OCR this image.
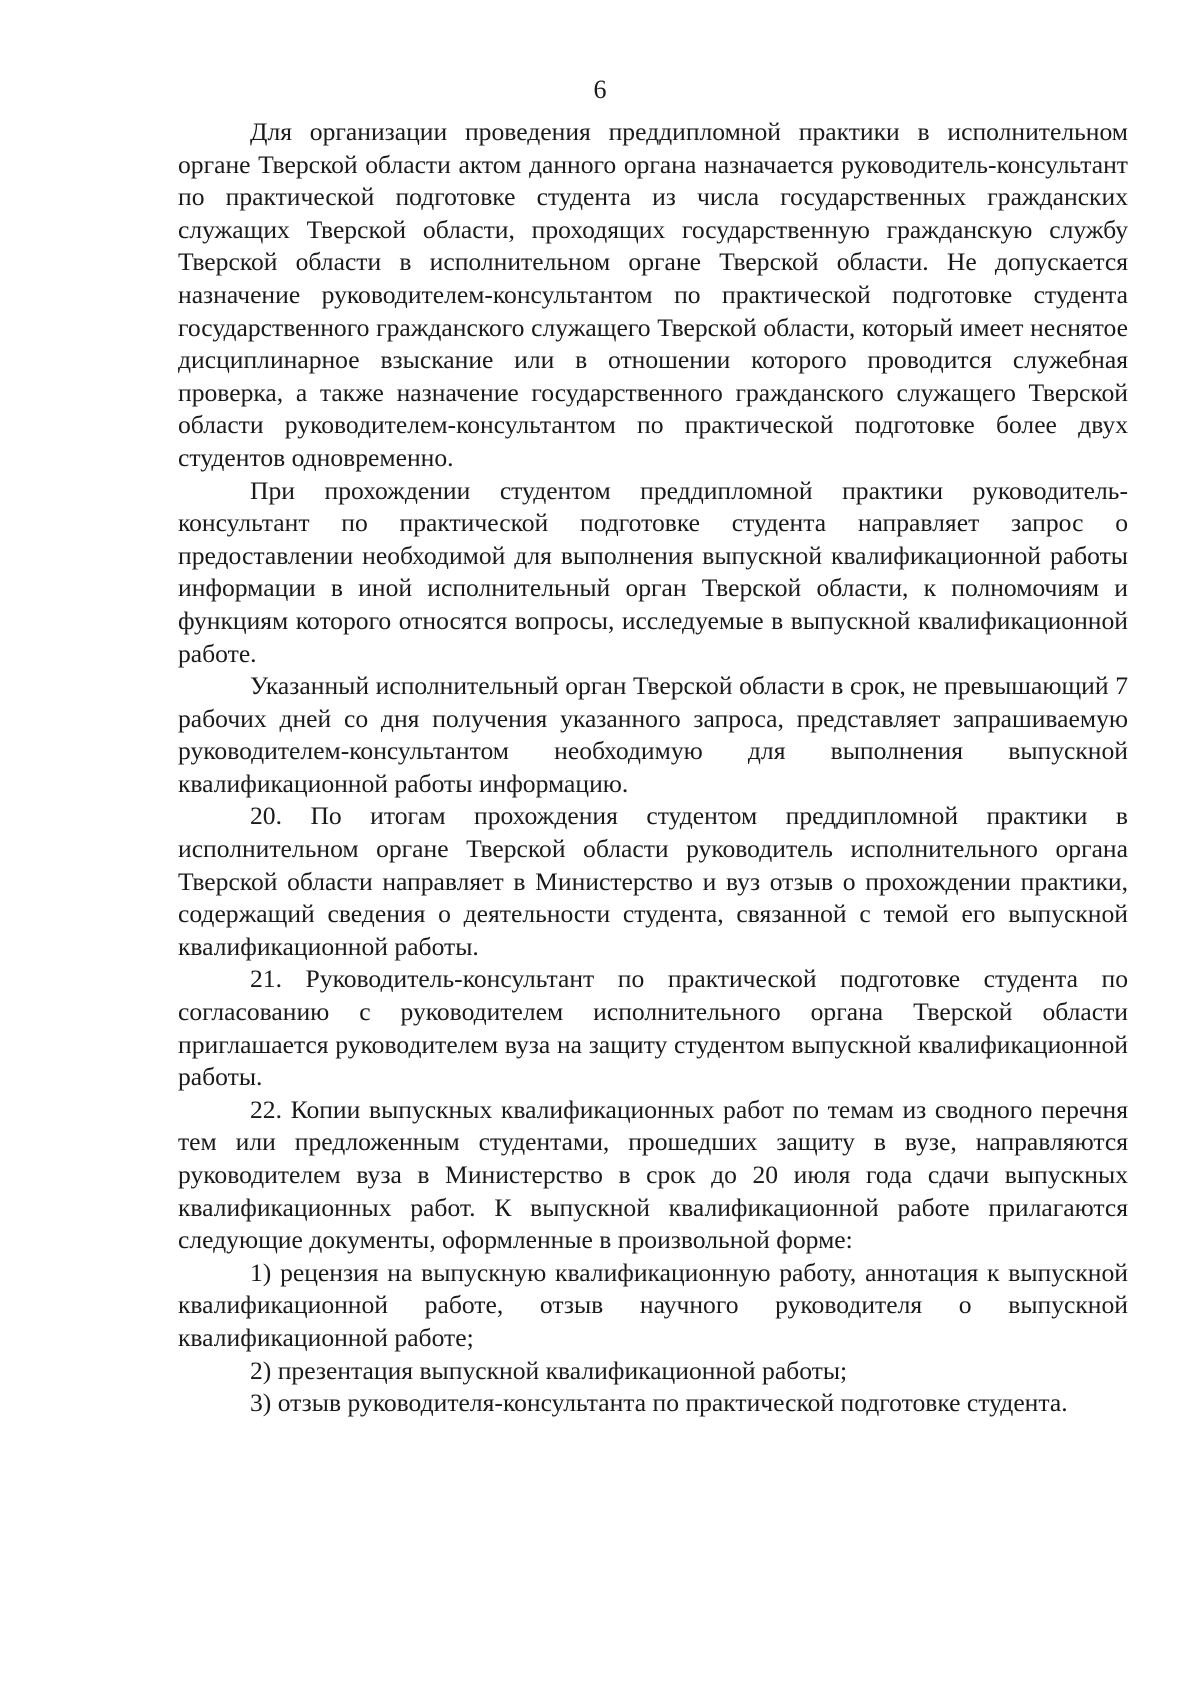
6

Для организации проведения преддипломной практики в исполнительном органе Тверской области актом данного органа назначается руководитель-консультант по практической подготовке студента из числа государственных гражданских служащих Тверской области, проходящих государственную гражданскую службу Тверской области в исполнительном органе Тверской области. Не допускается назначение руководителем-консультантом по практической подготовке студента государственного гражданского служащего Тверской области, который имеет неснятое дисциплинарное взыскание или в отношении которого проводится служебная проверка, а также назначение государственного гражданского служащего Тверской области руководителем-консультантом по практической подготовке более двух студентов одновременно.

При прохождении студентом преддипломной практики руководитель-консультант по практической подготовке студента направляет запрос о предоставлении необходимой для выполнения выпускной квалификационной работы информации в иной исполнительный орган Тверской области, к полномочиям и функциям которого относятся вопросы, исследуемые в выпускной квалификационной работе.

Указанный исполнительный орган Тверской области в срок, не превышающий 7 рабочих дней со дня получения указанного запроса, представляет запрашиваемую руководителем-консультантом необходимую для выполнения выпускной квалификационной работы информацию.

20. По итогам прохождения студентом преддипломной практики в исполнительном органе Тверской области руководитель исполнительного органа Тверской области направляет в Министерство и вуз отзыв о прохождении практики, содержащий сведения о деятельности студента, связанной с темой его выпускной квалификационной работы.

21. Руководитель-консультант по практической подготовке студента по согласованию с руководителем исполнительного органа Тверской области приглашается руководителем вуза на защиту студентом выпускной квалификационной работы.

22. Копии выпускных квалификационных работ по темам из сводного перечня тем или предложенным студентами, прошедших защиту в вузе, направляются руководителем вуза в Министерство в срок до 20 июля года сдачи выпускных квалификационных работ. К выпускной квалификационной работе прилагаются следующие документы, оформленные в произвольной форме:

1) рецензия на выпускную квалификационную работу, аннотация к выпускной квалификационной работе, отзыв научного руководителя о выпускной квалификационной работе;

2) презентация выпускной квалификационной работы;

3) отзыв руководителя-консультанта по практической подготовке студента.
